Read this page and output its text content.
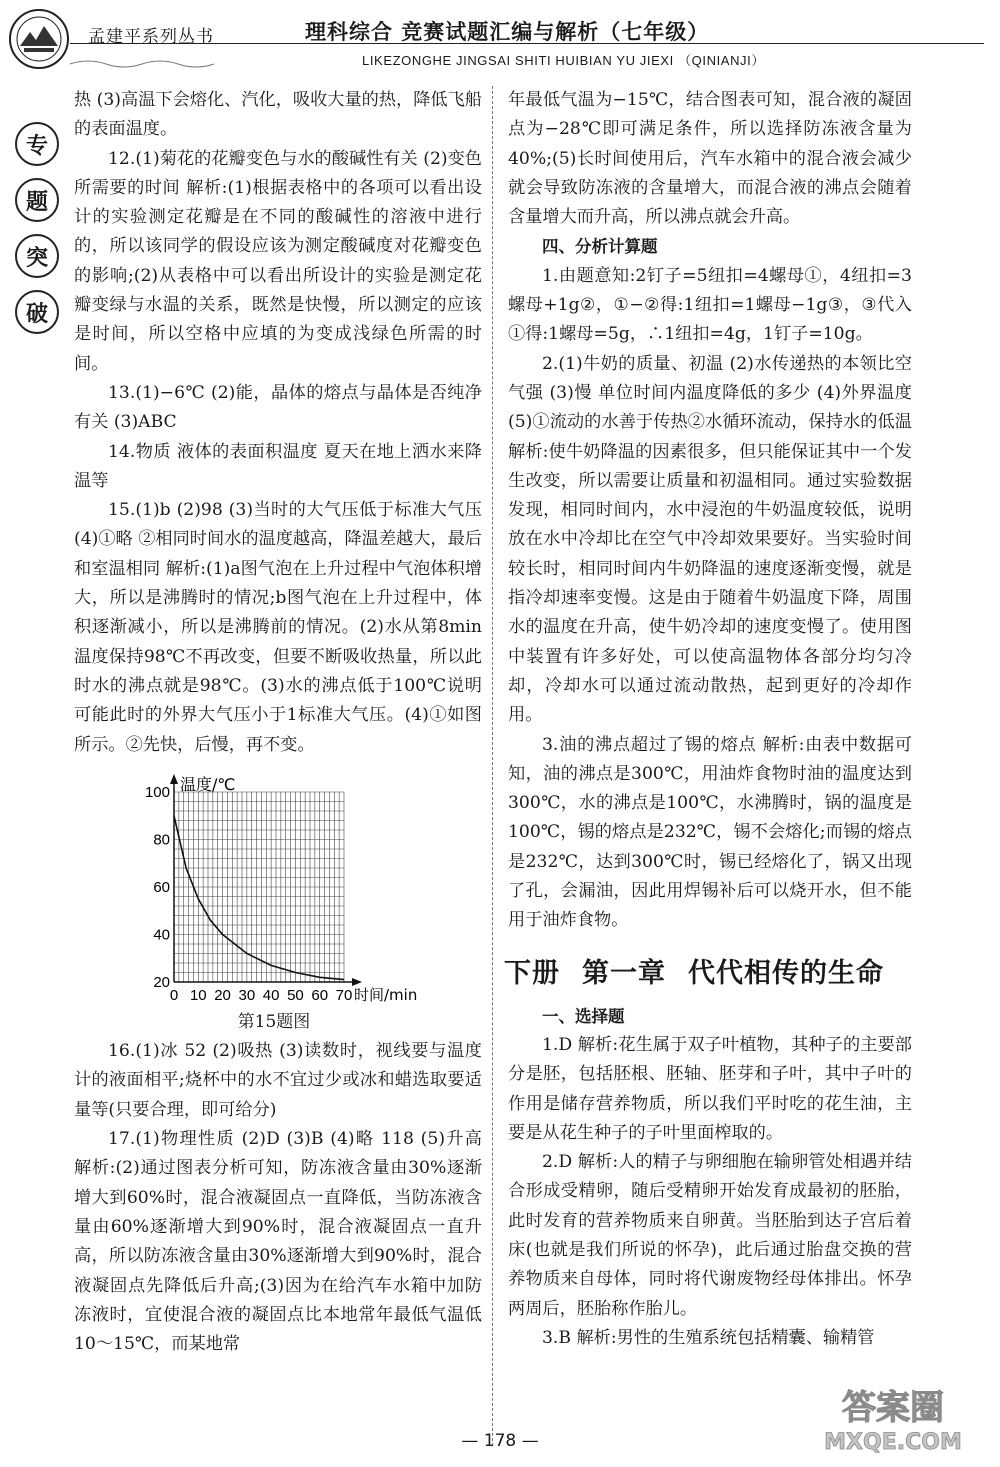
孟建平系列丛书	理科综合 竞赛试题汇编与解析（七年级）
LIKEZONGHE JINGSAI SHITI HUIBIAN YU JIEXI （QINIANJI）
专
题
突
破

热 (3)高温下会熔化、汽化，吸收大量的热，降低飞船的表面温度。

12.(1)菊花的花瓣变色与水的酸碱性有关 (2)变色所需要的时间 解析:(1)根据表格中的各项可以看出设计的实验测定花瓣是在不同的酸碱性的溶液中进行的，所以该同学的假设应该为测定酸碱度对花瓣变色的影响;(2)从表格中可以看出所设计的实验是测定花瓣变绿与水温的关系，既然是快慢，所以测定的应该是时间，所以空格中应填的为变成浅绿色所需的时间。

13.(1)−6℃ (2)能，晶体的熔点与晶体是否纯净有关 (3)ABC

14.物质 液体的表面积温度 夏天在地上洒水来降温等

15.(1)b (2)98 (3)当时的大气压低于标准大气压 (4)①略 ②相同时间水的温度越高，降温差越大，最后和室温相同 解析:(1)a图气泡在上升过程中气泡体积增大，所以是沸腾时的情况;b图气泡在上升过程中，体积逐渐减小，所以是沸腾前的情况。(2)水从第8min温度保持98℃不再改变，但要不断吸收热量，所以此时水的沸点就是98℃。(3)水的沸点低于100℃说明可能此时的外界大气压小于1标准大气压。(4)①如图所示。②先快，后慢，再不变。

100
80
60
40
20
0 10 20 30 40 50 60 70
温度/℃
时间/min
第15题图

16.(1)冰 52 (2)吸热 (3)读数时，视线要与温度计的液面相平;烧杯中的水不宜过少或冰和蜡选取要适量等(只要合理，即可给分)

17.(1)物理性质 (2)D (3)B (4)略 118 (5)升高 解析:(2)通过图表分析可知，防冻液含量由30%逐渐增大到60%时，混合液凝固点一直降低，当防冻液含量由60%逐渐增大到90%时，混合液凝固点一直升高，所以防冻液含量由30%逐渐增大到90%时，混合液凝固点先降低后升高;(3)因为在给汽车水箱中加防冻液时，宜使混合液的凝固点比本地常年最低气温低10～15℃，而某地常

年最低气温为−15℃，结合图表可知，混合液的凝固点为−28℃即可满足条件，所以选择防冻液含量为40%;(5)长时间使用后，汽车水箱中的混合液会减少就会导致防冻液的含量增大，而混合液的沸点会随着含量增大而升高，所以沸点就会升高。

四、分析计算题

1.由题意知:2钉子=5纽扣=4螺母①，4纽扣=3螺母+1g②，①−②得:1纽扣=1螺母−1g③，③代入①得:1螺母=5g，∴1纽扣=4g，1钉子=10g。

2.(1)牛奶的质量、初温 (2)水传递热的本领比空气强 (3)慢 单位时间内温度降低的多少 (4)外界温度 (5)①流动的水善于传热②水循环流动，保持水的低温 解析:使牛奶降温的因素很多，但只能保证其中一个发生改变，所以需要让质量和初温相同。通过实验数据发现，相同时间内，水中浸泡的牛奶温度较低，说明放在水中冷却比在空气中冷却效果要好。当实验时间较长时，相同时间内牛奶降温的速度逐渐变慢，就是指冷却速率变慢。这是由于随着牛奶温度下降，周围水的温度在升高，使牛奶冷却的速度变慢了。使用图中装置有许多好处，可以使高温物体各部分均匀冷却，冷却水可以通过流动散热，起到更好的冷却作用。

3.油的沸点超过了锡的熔点 解析:由表中数据可知，油的沸点是300℃，用油炸食物时油的温度达到300℃，水的沸点是100℃，水沸腾时，锅的温度是100℃，锡的熔点是232℃，锡不会熔化;而锡的熔点是232℃，达到300℃时，锡已经熔化了，锅又出现了孔，会漏油，因此用焊锡补后可以烧开水，但不能用于油炸食物。

下册 第一章 代代相传的生命

一、选择题

1.D 解析:花生属于双子叶植物，其种子的主要部分是胚，包括胚根、胚轴、胚芽和子叶，其中子叶的作用是储存营养物质，所以我们平时吃的花生油，主要是从花生种子的子叶里面榨取的。

2.D 解析:人的精子与卵细胞在输卵管处相遇并结合形成受精卵，随后受精卵开始发育成最初的胚胎，此时发育的营养物质来自卵黄。当胚胎到达子宫后着床(也就是我们所说的怀孕)，此后通过胎盘交换的营养物质来自母体，同时将代谢废物经母体排出。怀孕两周后，胚胎称作胎儿。

3.B 解析:男性的生殖系统包括精囊、输精管

— 178 —
答案圈
MXQE.COM
